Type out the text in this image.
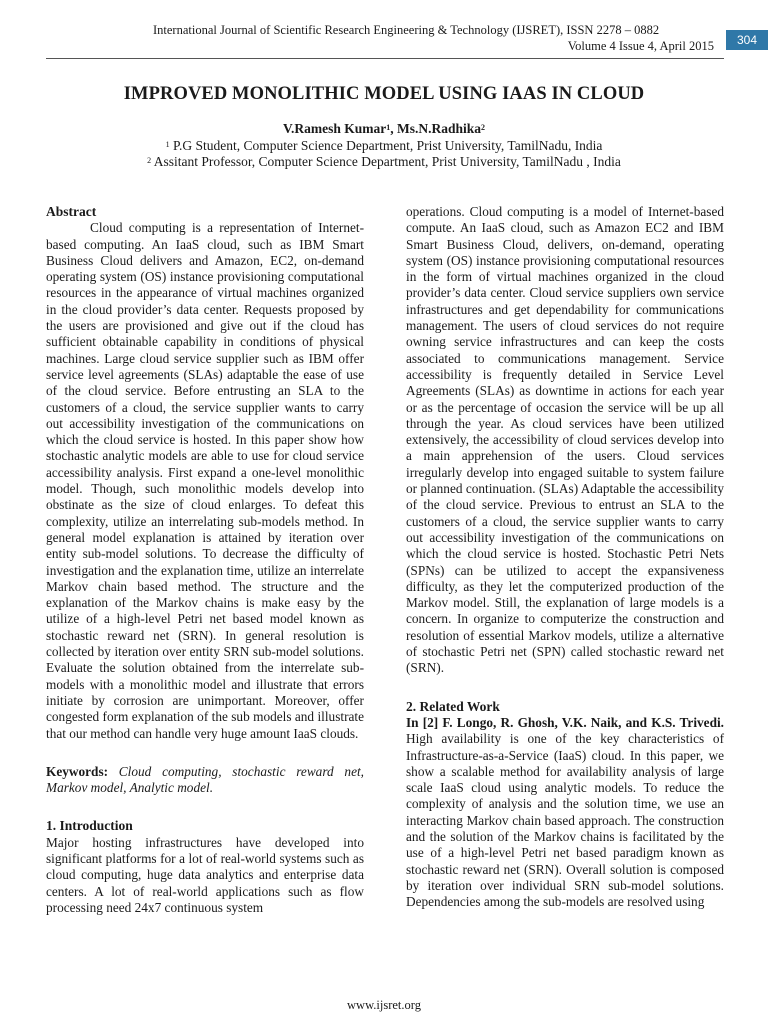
International Journal of Scientific Research Engineering & Technology (IJSRET), ISSN 2278 – 0882
Volume 4 Issue 4, April 2015	304
IMPROVED MONOLITHIC MODEL USING IAAS IN CLOUD
V.Ramesh Kumar$^1$, Ms.N.Radhika$^2$
$^1$ P.G Student, Computer Science Department, Prist University, TamilNadu, India
$^2$ Assitant Professor, Computer Science Department, Prist University, TamilNadu , India

Abstract

Cloud computing is a representation of Internet-based computing. An IaaS cloud, such as IBM Smart Business Cloud delivers and Amazon, EC2, on-demand operating system (OS) instance provisioning computational resources in the appearance of virtual machines organized in the cloud provider’s data center. Requests proposed by the users are provisioned and give out if the cloud has sufficient obtainable capability in conditions of physical machines. Large cloud service supplier such as IBM offer service level agreements (SLAs) adaptable the ease of use of the cloud service. Before entrusting an SLA to the customers of a cloud, the service supplier wants to carry out accessibility investigation of the communications on which the cloud service is hosted. In this paper show how stochastic analytic models are able to use for cloud service accessibility analysis. First expand a one-level monolithic model. Though, such monolithic models develop into obstinate as the size of cloud enlarges. To defeat this complexity, utilize an interrelating sub-models method. In general model explanation is attained by iteration over entity sub-model solutions. To decrease the difficulty of investigation and the explanation time, utilize an interrelate Markov chain based method. The structure and the explanation of the Markov chains is make easy by the utilize of a high-level Petri net based model known as stochastic reward net (SRN). In general resolution is collected by iteration over entity SRN sub-model solutions. Evaluate the solution obtained from the interrelate sub-models with a monolithic model and illustrate that errors initiate by corrosion are unimportant. Moreover, offer congested form explanation of the sub models and illustrate that our method can handle very huge amount IaaS clouds.

Keywords: Cloud computing, stochastic reward net, Markov model, Analytic model.

1. Introduction

Major hosting infrastructures have developed into significant platforms for a lot of real-world systems such as cloud computing, huge data analytics and enterprise data centers. A lot of real-world applications such as flow processing need 24x7 continuous system

operations. Cloud computing is a model of Internet-based compute. An IaaS cloud, such as Amazon EC2 and IBM Smart Business Cloud, delivers, on-demand, operating system (OS) instance provisioning computational resources in the form of virtual machines organized in the cloud provider’s data center. Cloud service suppliers own service infrastructures and get dependability for communications management. The users of cloud services do not require owning service infrastructures and can keep the costs associated to communications management. Service accessibility is frequently detailed in Service Level Agreements (SLAs) as downtime in actions for each year or as the percentage of occasion the service will be up all through the year. As cloud services have been utilized extensively, the accessibility of cloud services develop into a main apprehension of the users. Cloud services irregularly develop into engaged suitable to system failure or planned continuation. (SLAs) Adaptable the accessibility of the cloud service. Previous to entrust an SLA to the customers of a cloud, the service supplier wants to carry out accessibility investigation of the communications on which the cloud service is hosted. Stochastic Petri Nets (SPNs) can be utilized to accept the expansiveness difficulty, as they let the computerized production of the Markov model. Still, the explanation of large models is a concern. In organize to computerize the construction and resolution of essential Markov models, utilize a alternative of stochastic Petri net (SPN) called stochastic reward net (SRN).

2. Related Work

In [2] F. Longo, R. Ghosh, V.K. Naik, and K.S. Trivedi. High availability is one of the key characteristics of Infrastructure-as-a-Service (IaaS) cloud. In this paper, we show a scalable method for availability analysis of large scale IaaS cloud using analytic models. To reduce the complexity of analysis and the solution time, we use an interacting Markov chain based approach. The construction and the solution of the Markov chains is facilitated by the use of a high-level Petri net based paradigm known as stochastic reward net (SRN). Overall solution is composed by iteration over individual SRN sub-model solutions. Dependencies among the sub-models are resolved using

www.ijsret.org
